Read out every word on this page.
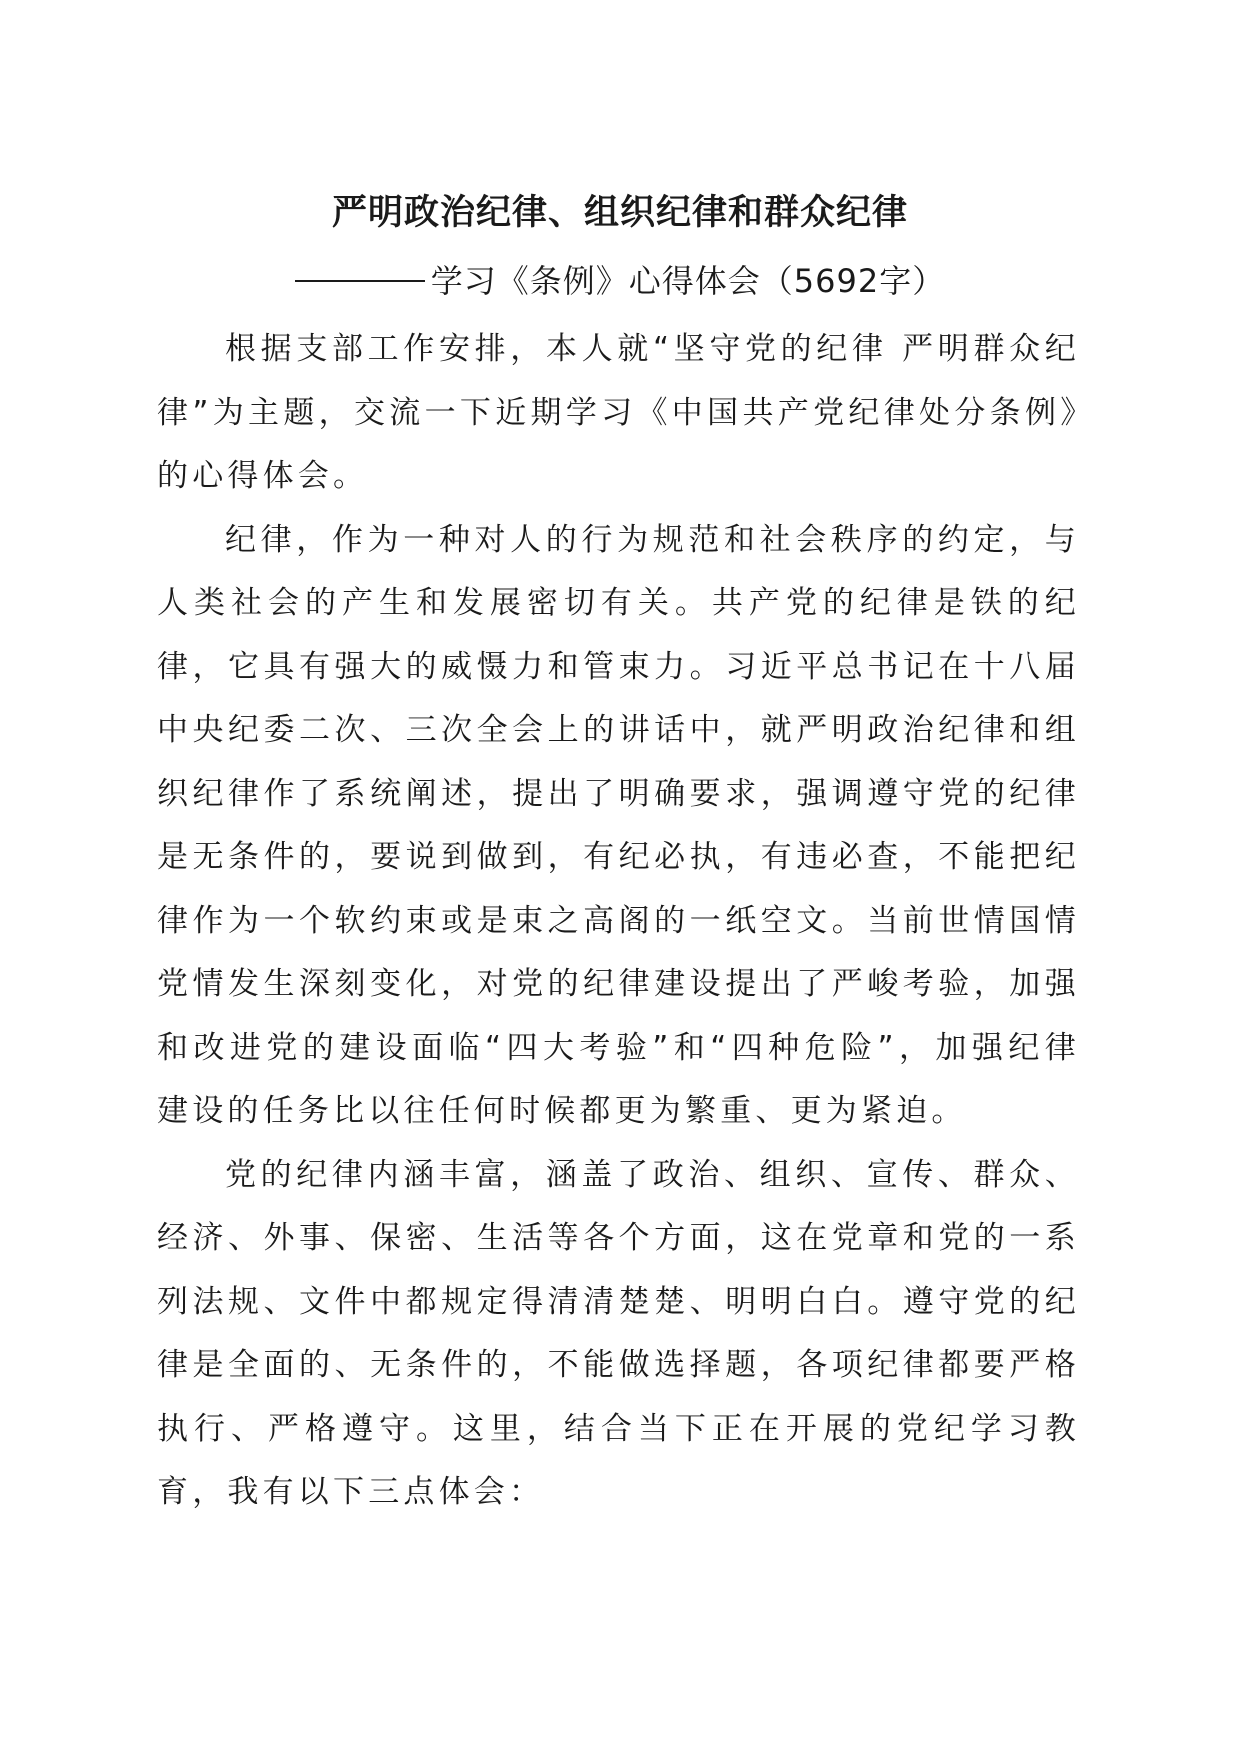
严明政治纪律、组织纪律和群众纪律
学习《条例》心得体会（5692字）

根据支部工作安排，本人就“坚守党的纪律 严明群众纪律”为主题，交流一下近期学习《中国共产党纪律处分条例》的心得体会。

纪律，作为一种对人的行为规范和社会秩序的约定，与人类社会的产生和发展密切有关。共产党的纪律是铁的纪律，它具有强大的威慑力和管束力。习近平总书记在十八届中央纪委二次、三次全会上的讲话中，就严明政治纪律和组织纪律作了系统阐述，提出了明确要求，强调遵守党的纪律是无条件的，要说到做到，有纪必执，有违必查，不能把纪律作为一个软约束或是束之高阁的一纸空文。当前世情国情党情发生深刻变化，对党的纪律建设提出了严峻考验，加强和改进党的建设面临“四大考验”和“四种危险”，加强纪律建设的任务比以往任何时候都更为繁重、更为紧迫。

党的纪律内涵丰富，涵盖了政治、组织、宣传、群众、经济、外事、保密、生活等各个方面，这在党章和党的一系列法规、文件中都规定得清清楚楚、明明白白。遵守党的纪律是全面的、无条件的，不能做选择题，各项纪律都要严格执行、严格遵守。这里，结合当下正在开展的党纪学习教育，我有以下三点体会：
